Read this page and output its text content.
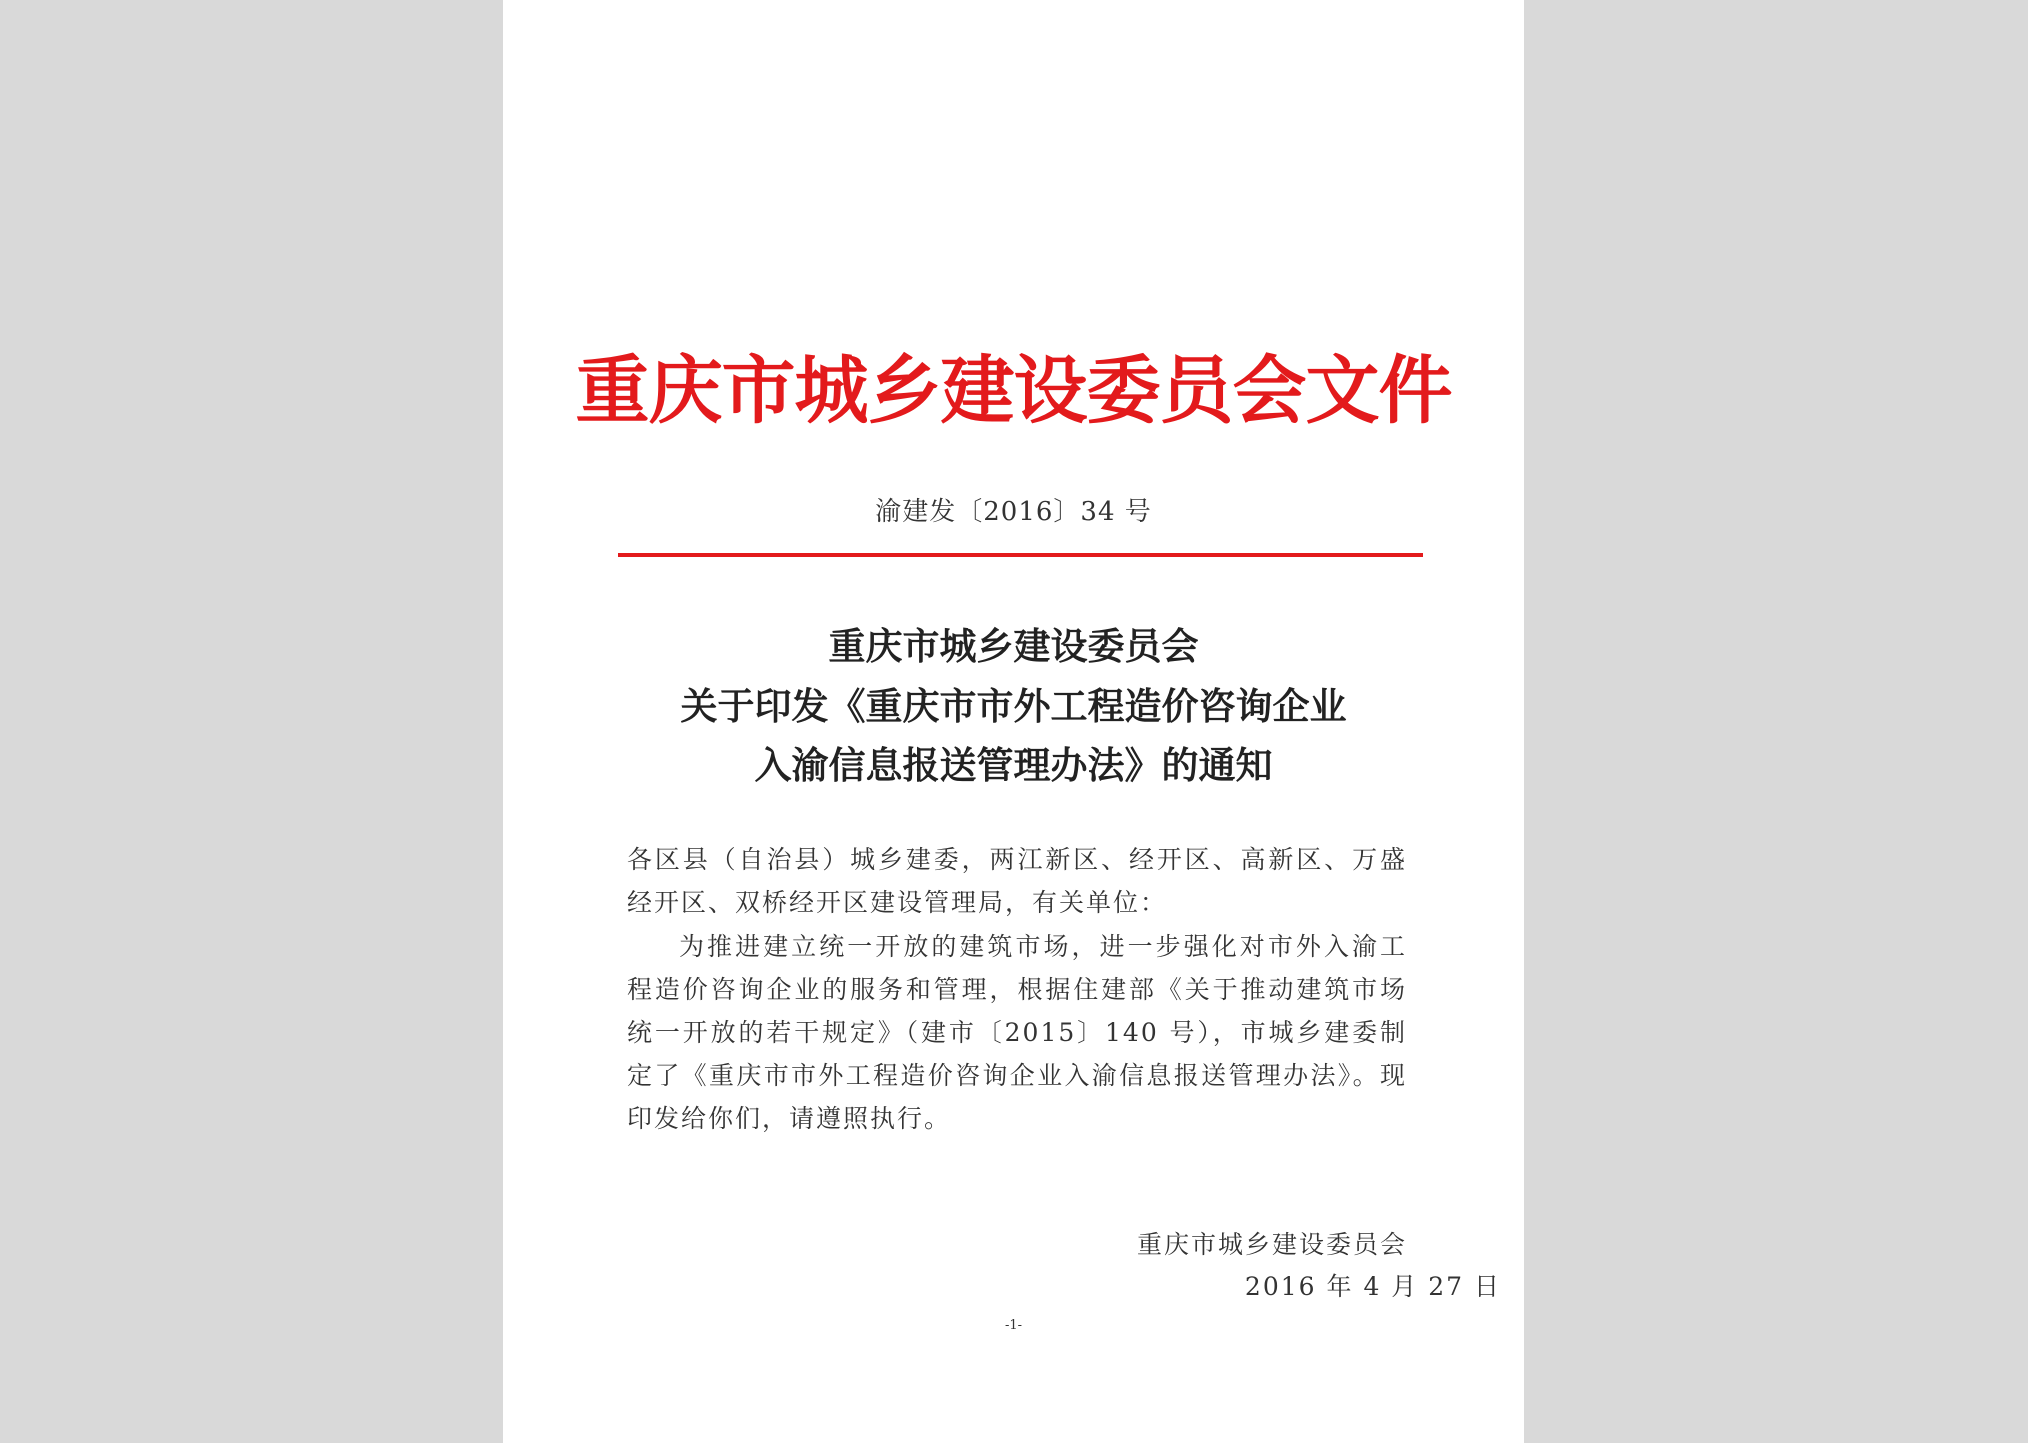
重庆市城乡建设委员会文件
渝建发〔2016〕34 号
重庆市城乡建设委员会
关于印发《重庆市市外工程造价咨询企业
入渝信息报送管理办法》的通知

各区县（自治县）城乡建委，两江新区、经开区、高新区、万盛经开区、双桥经开区建设管理局，有关单位：

为推进建立统一开放的建筑市场，进一步强化对市外入渝工程造价咨询企业的服务和管理，根据住建部《关于推动建筑市场统一开放的若干规定》（建市〔2015〕140 号），市城乡建委制定了《重庆市市外工程造价咨询企业入渝信息报送管理办法》。现印发给你们，请遵照执行。

重庆市城乡建设委员会
2016 年 4 月 27 日
-1-
